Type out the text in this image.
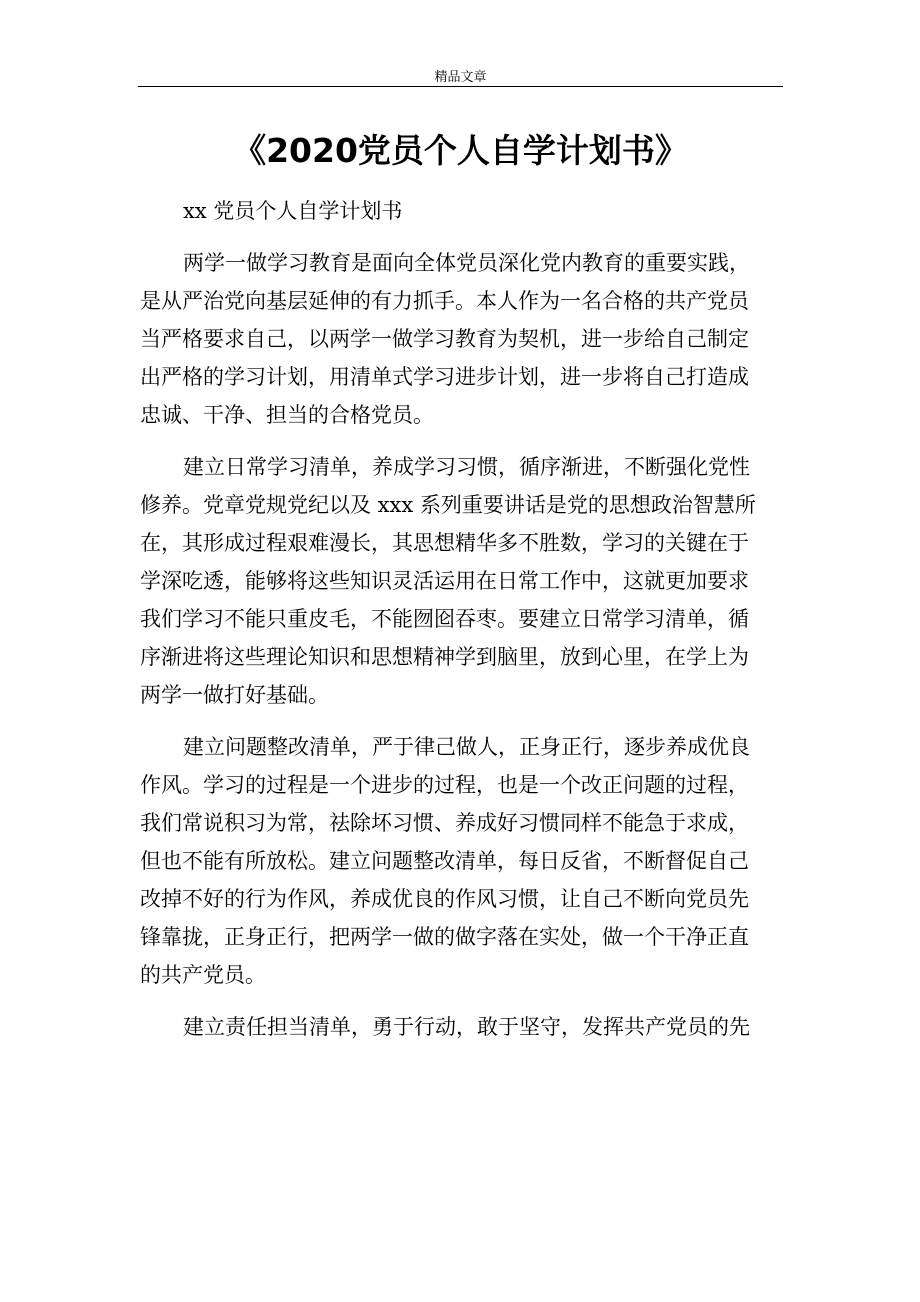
精品文章
《2020党员个人自学计划书》

xx 党员个人自学计划书

两学一做学习教育是面向全体党员深化党内教育的重要实践，
是从严治党向基层延伸的有力抓手。本人作为一名合格的共产党员
当严格要求自己，以两学一做学习教育为契机，进一步给自己制定
出严格的学习计划，用清单式学习进步计划，进一步将自己打造成
忠诚、干净、担当的合格党员。

建立日常学习清单，养成学习习惯，循序渐进，不断强化党性
修养。党章党规党纪以及 xxx 系列重要讲话是党的思想政治智慧所
在，其形成过程艰难漫长，其思想精华多不胜数，学习的关键在于
学深吃透，能够将这些知识灵活运用在日常工作中，这就更加要求
我们学习不能只重皮毛，不能囫囵吞枣。要建立日常学习清单，循
序渐进将这些理论知识和思想精神学到脑里，放到心里，在学上为
两学一做打好基础。

建立问题整改清单，严于律己做人，正身正行，逐步养成优良
作风。学习的过程是一个进步的过程，也是一个改正问题的过程，
我们常说积习为常，祛除坏习惯、养成好习惯同样不能急于求成，
但也不能有所放松。建立问题整改清单，每日反省，不断督促自己
改掉不好的行为作风，养成优良的作风习惯，让自己不断向党员先
锋靠拢，正身正行，把两学一做的做字落在实处，做一个干净正直
的共产党员。

建立责任担当清单，勇于行动，敢于坚守，发挥共产党员的先
